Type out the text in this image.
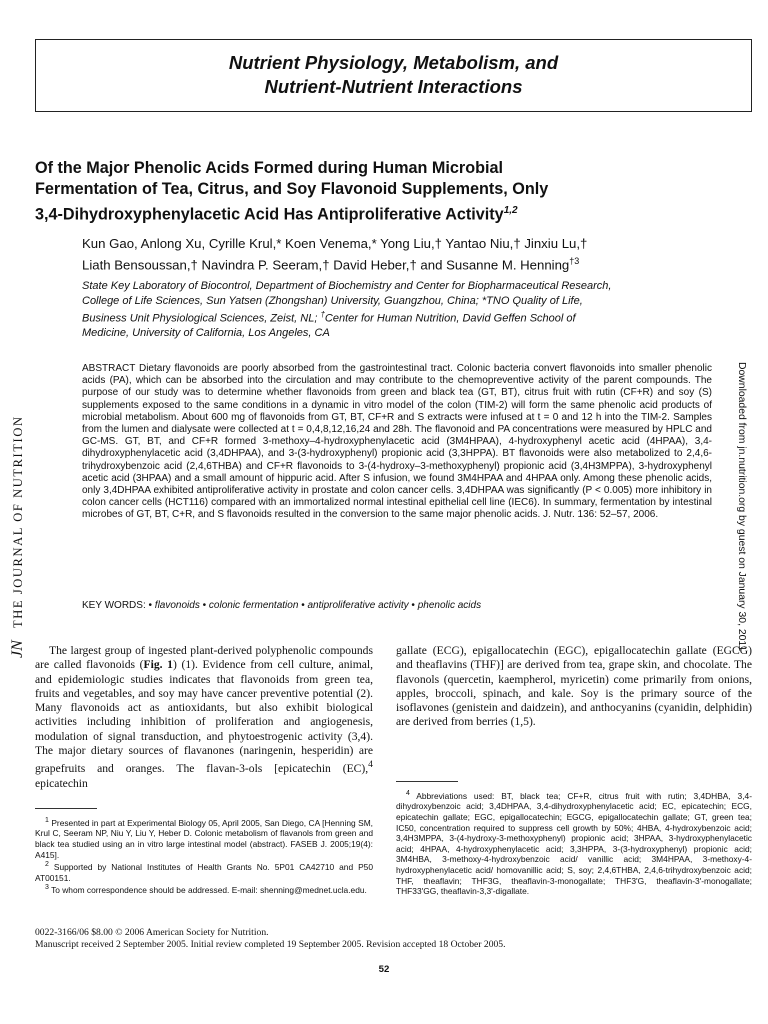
Nutrient Physiology, Metabolism, and
Nutrient-Nutrient Interactions
Of the Major Phenolic Acids Formed during Human Microbial
Fermentation of Tea, Citrus, and Soy Flavonoid Supplements, Only
3,4-Dihydroxyphenylacetic Acid Has Antiproliferative Activity$^{1,2}$
Kun Gao, Anlong Xu, Cyrille Krul,* Koen Venema,* Yong Liu,† Yantao Niu,† Jinxiu Lu,†
Liath Bensoussan,† Navindra P. Seeram,† David Heber,† and Susanne M. Henning$^{\dagger 3}$
State Key Laboratory of Biocontrol, Department of Biochemistry and Center for Biopharmaceutical Research,
College of Life Sciences, Sun Yatsen (Zhongshan) University, Guangzhou, China; *TNO Quality of Life,
Business Unit Physiological Sciences, Zeist, NL; †Center for Human Nutrition, David Geffen School of
Medicine, University of California, Los Angeles, CA
ABSTRACT Dietary flavonoids are poorly absorbed from the gastrointestinal tract. Colonic bacteria convert flavonoids into smaller phenolic acids (PA), which can be absorbed into the circulation and may contribute to the chemopreventive activity of the parent compounds. The purpose of our study was to determine whether flavonoids from green and black tea (GT, BT), citrus fruit with rutin (CF+R) and soy (S) supplements exposed to the same conditions in a dynamic in vitro model of the colon (TIM-2) will form the same phenolic acid products of microbial metabolism. About 600 mg of flavonoids from GT, BT, CF+R and S extracts were infused at t = 0 and 12 h into the TIM-2. Samples from the lumen and dialysate were collected at t = 0,4,8,12,16,24 and 28h. The flavonoid and PA concentrations were measured by HPLC and GC-MS. GT, BT, and CF+R formed 3-methoxy–4-hydroxyphenylacetic acid (3M4HPAA), 4-hydroxyphenyl acetic acid (4HPAA), 3,4-dihydroxyphenylacetic acid (3,4DHPAA), and 3-(3-hydroxyphenyl) propionic acid (3,3HPPA). BT flavonoids were also metabolized to 2,4,6-trihydroxybenzoic acid (2,4,6THBA) and CF+R flavonoids to 3-(4-hydroxy–3-methoxyphenyl) propionic acid (3,4H3MPPA), 3-hydroxyphenyl acetic acid (3HPAA) and a small amount of hippuric acid. After S infusion, we found 3M4HPAA and 4HPAA only. Among these phenolic acids, only 3,4DHPAA exhibited antiproliferative activity in prostate and colon cancer cells. 3,4DHPAA was significantly (P < 0.005) more inhibitory in colon cancer cells (HCT116) compared with an immortalized normal intestinal epithelial cell line (IEC6). In summary, fermentation by intestinal microbes of GT, BT, C+R, and S flavonoids resulted in the conversion to the same major phenolic acids. J. Nutr. 136: 52–57, 2006.
KEY WORDS: • flavonoids • colonic fermentation • antiproliferative activity • phenolic acids
JN
THE JOURNAL OF NUTRITION	Downloaded from jn.nutrition.org by guest on January 30, 2011
The largest group of ingested plant-derived polyphenolic compounds are called flavonoids (Fig. 1) (1). Evidence from cell culture, animal, and epidemiologic studies indicates that flavonoids from green tea, fruits and vegetables, and soy may have cancer preventive potential (2). Many flavonoids act as antioxidants, but also exhibit biological activities including inhibition of proliferation and angiogenesis, modulation of signal transduction, and phytoestrogenic activity (3,4). The major dietary sources of flavanones (naringenin, hesperidin) are grapefruits and oranges. The flavan-3-ols [epicatechin (EC),$^4$ epicatechin
gallate (ECG), epigallocatechin (EGC), epigallocatechin gallate (EGCG) and theaflavins (THF)] are derived from tea, grape skin, and chocolate. The flavonols (quercetin, kaempherol, myricetin) come primarily from onions, apples, broccoli, spinach, and kale. Soy is the primary source of the isoflavones (genistein and daidzein), and anthocyanins (cyanidin, delphidin) are derived from berries (1,5).

$^1$ Presented in part at Experimental Biology 05, April 2005, San Diego, CA [Henning SM, Krul C, Seeram NP, Niu Y, Liu Y, Heber D. Colonic metabolism of flavanols from green and black tea studied using an in vitro large intestinal model (abstract). FASEB J. 2005;19(4): A415].

$^2$ Supported by National Institutes of Health Grants No. 5P01 CA42710 and P50 AT00151.

$^3$ To whom correspondence should be addressed. E-mail: shenning@mednet.ucla.edu.

$^4$ Abbreviations used: BT, black tea; CF+R, citrus fruit with rutin; 3,4DHBA, 3,4-dihydroxybenzoic acid; 3,4DHPAA, 3,4-dihydroxyphenylacetic acid; EC, epicatechin; ECG, epicatechin gallate; EGC, epigallocatechin; EGCG, epigallocatechin gallate; GT, green tea; IC50, concentration required to suppress cell growth by 50%; 4HBA, 4-hydroxybenzoic acid; 3,4H3MPPA, 3-(4-hydroxy-3-methoxyphenyl) propionic acid; 3HPAA, 3-hydroxyphenylacetic acid; 4HPAA, 4-hydroxyphenylacetic acid; 3,3HPPA, 3-(3-hydroxyphenyl) propionic acid; 3M4HBA, 3-methoxy-4-hydroxybenzoic acid/ vanillic acid; 3M4HPAA, 3-methoxy-4-hydroxyphenylacetic acid/ homovanillic acid; S, soy; 2,4,6THBA, 2,4,6-trihydroxybenzoic acid; THF, theaflavin; THF3G, theaflavin-3-monogallate; THF3'G, theaflavin-3'-monogallate; THF33'GG, theaflavin-3,3'-digallate.
0022-3166/06 $8.00 © 2006 American Society for Nutrition.
Manuscript received 2 September 2005. Initial review completed 19 September 2005. Revision accepted 18 October 2005.
52
